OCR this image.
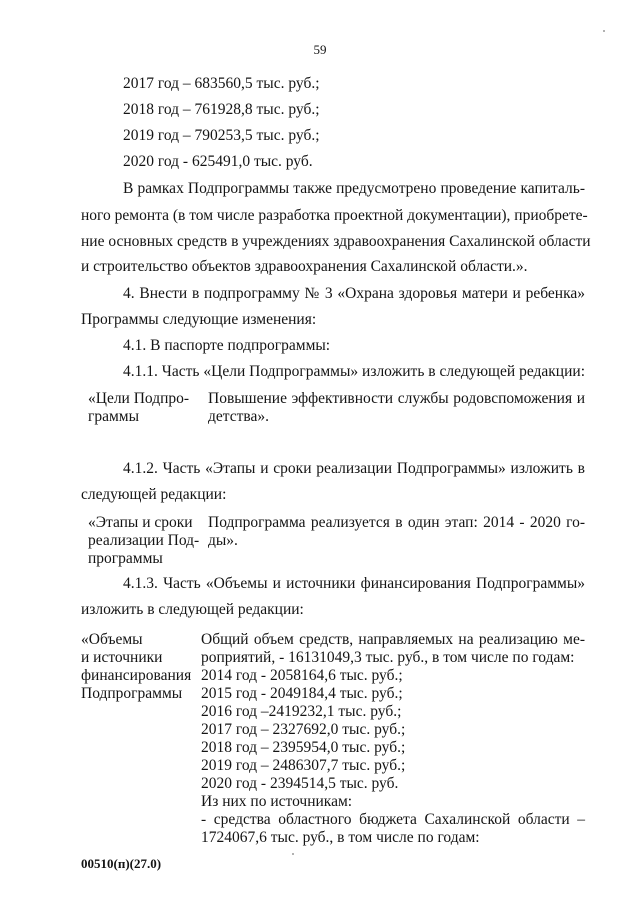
59
2017 год – 683560,5 тыс. руб.;
2018 год – 761928,8 тыс. руб.;
2019 год – 790253,5 тыс. руб.;
2020 год - 625491,0 тыс. руб.
В рамках Подпрограммы также предусмотрено проведение капиталь-
ного ремонта (в том числе разработка проектной документации), приобрете-
ние основных средств в учреждениях здравоохранения Сахалинской области
и строительство объектов здравоохранения Сахалинской области.».
4. Внести в подпрограмму № 3 «Охрана здоровья матери и ребенка»
Программы следующие изменения:
4.1. В паспорте подпрограммы:
4.1.1. Часть «Цели Подпрограммы» изложить в следующей редакции:
«Цели Подпро-
граммы
Повышение эффективности службы родовспоможения и
детства».
4.1.2. Часть «Этапы и сроки реализации Подпрограммы» изложить в
следующей редакции:
«Этапы и сроки
реализации Под-
программы
Подпрограмма реализуется в один этап: 2014 - 2020 го-
ды».
4.1.3. Часть «Объемы и источники финансирования Подпрограммы»
изложить в следующей редакции:
«Объемы
и источники
финансирования
Подпрограммы
Общий объем средств, направляемых на реализацию ме-
роприятий, - 16131049,3 тыс. руб., в том числе по годам:
2014 год - 2058164,6 тыс. руб.;
2015 год - 2049184,4 тыс. руб.;
2016 год –2419232,1 тыс. руб.;
2017 год – 2327692,0 тыс. руб.;
2018 год – 2395954,0 тыс. руб.;
2019 год – 2486307,7 тыс. руб.;
2020 год - 2394514,5 тыс. руб.
Из них по источникам:
- средства областного бюджета Сахалинской области –
1724067,6 тыс. руб., в том числе по годам:
00510(п)(27.0)
